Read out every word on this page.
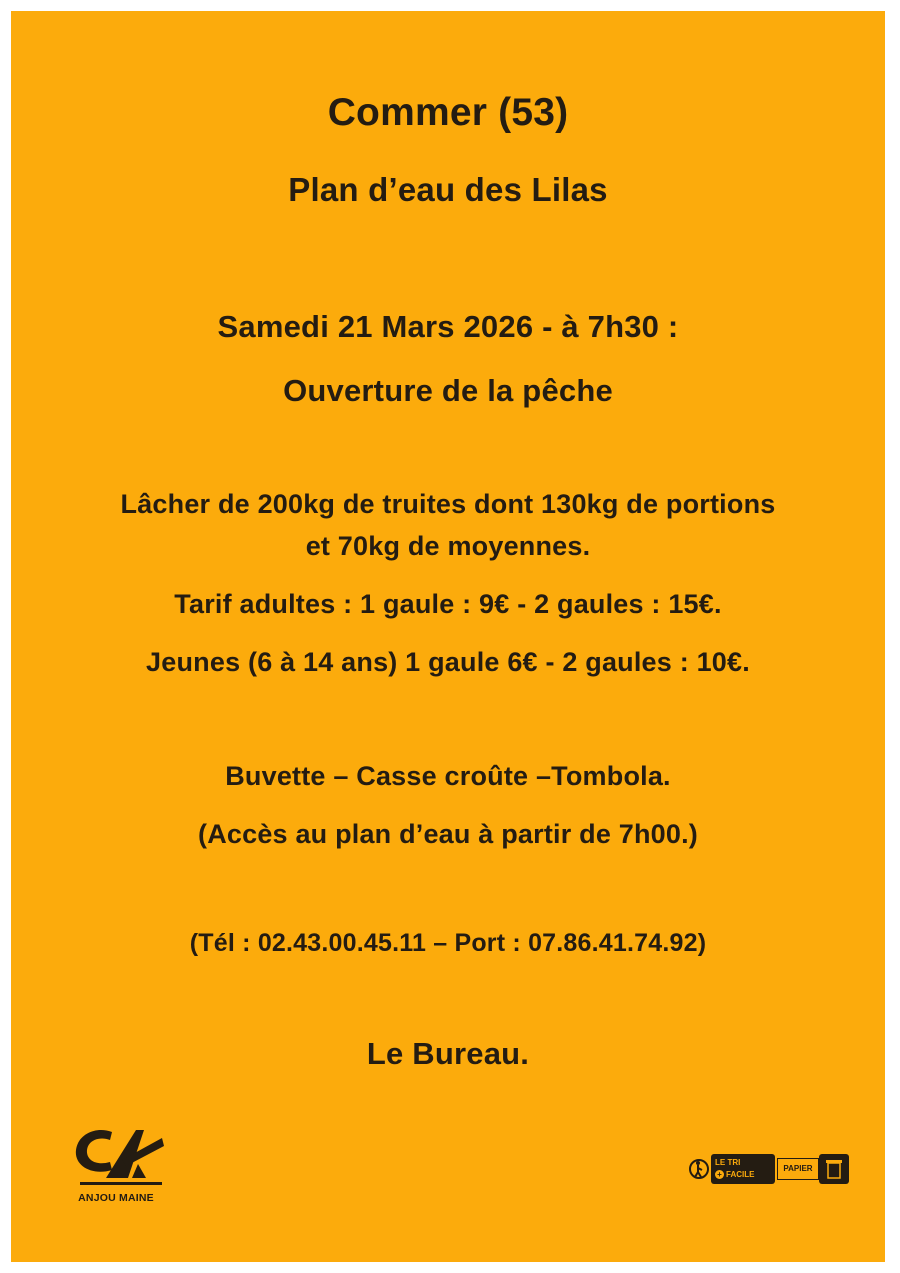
Commer (53)
Plan d’eau des Lilas
Samedi 21 Mars 2026 - à 7h30 :
Ouverture de la pêche
Lâcher de 200kg de truites dont 130kg de portions
et 70kg de moyennes.
Tarif adultes : 1 gaule : 9€ - 2 gaules : 15€.
Jeunes (6 à 14 ans) 1 gaule 6€ - 2 gaules : 10€.
Buvette – Casse croûte –Tombola.
(Accès au plan d’eau à partir de 7h00.)
(Tél : 02.43.00.45.11 – Port : 07.86.41.74.92)
Le Bureau.
ANJOU MAINE
LE TRI
+ FACILE
PAPIER
